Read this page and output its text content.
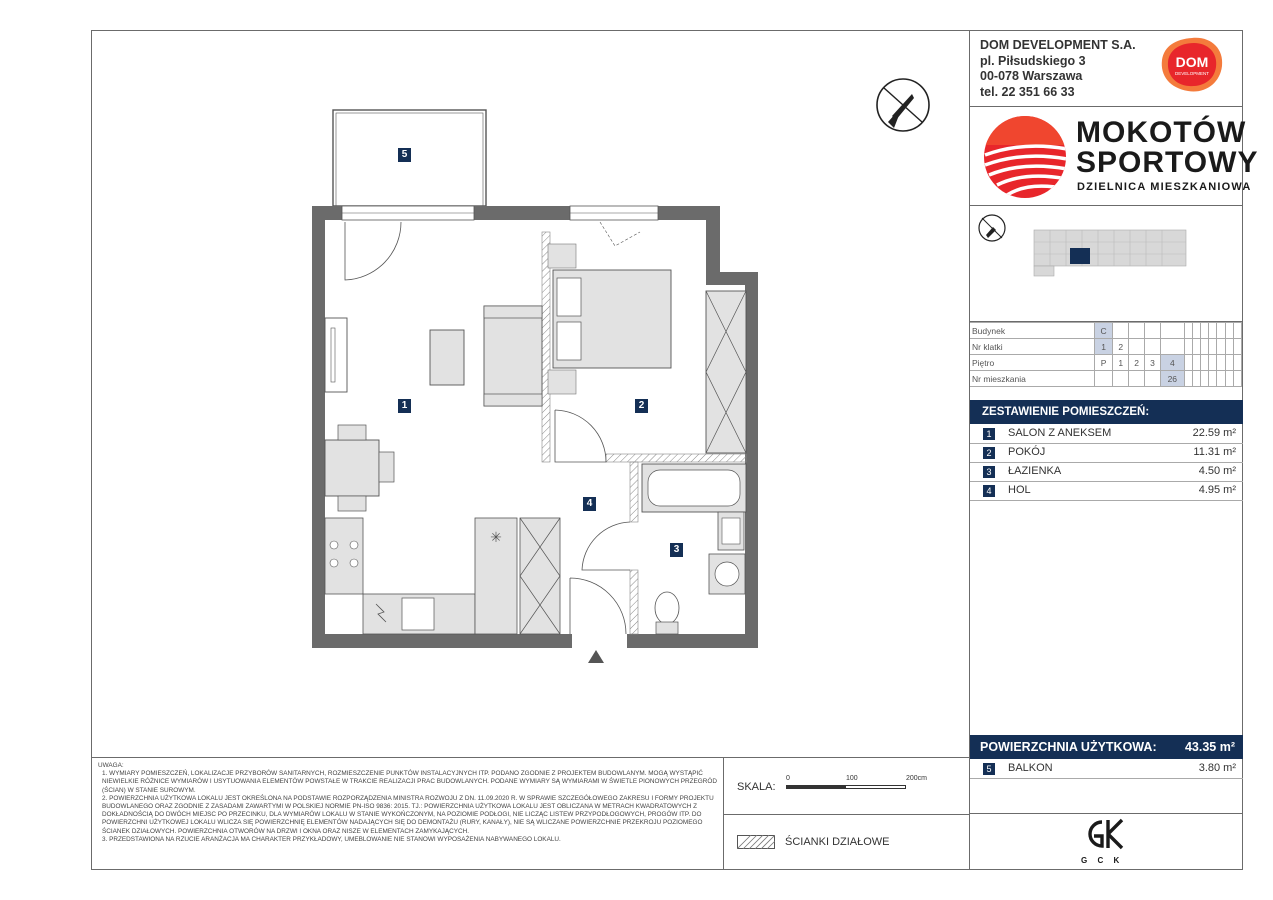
DOM DEVELOPMENT S.A.
pl. Piłsudskiego 3
00-078 Warszawa
tel. 22 351 66 33
DOM
DEVELOPMENT
MOKOTÓW
SPORTOWY
DZIELNICA MIESZKANIOWA
Budynek	C											
Nr klatki	1	2										
Piętro	P	1	2	3	4							
Nr mieszkania					26							
ZESTAWIENIE POMIESZCZEŃ:
1	SALON Z ANEKSEM	22.59 m²
2	POKÓJ	11.31 m²
3	ŁAZIENKA	4.50 m²
4	HOL	4.95 m²
POWIERZCHNIA UŻYTKOWA: 43.35 m²
5	BALKON	3.80 m²
G C K
SKALA:
0	100	200cm
ŚCIANKI DZIAŁOWE
UWAGA:
1. WYMIARY POMIESZCZEŃ, LOKALIZACJE PRZYBORÓW SANITARNYCH, ROZMIESZCZENIE PUNKTÓW INSTALACYJNYCH ITP. PODANO ZGODNIE Z PROJEKTEM BUDOWLANYM. MOGĄ WYSTĄPIĆ NIEWIELKIE RÓŻNICE WYMIARÓW I USYTUOWANIA ELEMENTÓW POWSTAŁE W TRAKCIE REALIZACJI PRAC BUDOWLANYCH. PODANE WYMIARY SĄ WYMIARAMI W ŚWIETLE PIONOWYCH PRZEGRÓD (ŚCIAN) W STANIE SUROWYM.
2. POWIERZCHNIA UŻYTKOWA LOKALU JEST OKREŚLONA NA PODSTAWIE ROZPORZĄDZENIA MINISTRA ROZWOJU Z DN. 11.09.2020 R. W SPRAWIE SZCZEGÓŁOWEGO ZAKRESU I FORMY PROJEKTU BUDOWLANEGO ORAZ ZGODNIE Z ZASADAMI ZAWARTYMI W POLSKIEJ NORMIE PN-ISO 9836: 2015. TJ.: POWIERZCHNIA UŻYTKOWA LOKALU JEST OBLICZANA W METRACH KWADRATOWYCH Z DOKŁADNOŚCIĄ DO DWÓCH MIEJSC PO PRZECINKU, DLA WYMIARÓW LOKALU W STANIE WYKOŃCZONYM, NA POZIOMIE PODŁOGI, NIE LICZĄC LISTEW PRZYPODŁOGOWYCH, PROGÓW ITP. DO POWIERZCHNI UŻYTKOWEJ LOKALU WLICZA SIĘ POWIERZCHNIĘ ELEMENTÓW NADAJĄCYCH SIĘ DO DEMONTAŻU (RURY, KANAŁY), NIE SĄ WLICZANE POWIERZCHNIE PRZEKROJU POZIOMEGO ŚCIANEK DZIAŁOWYCH. POWIERZCHNIA OTWORÓW NA DRZWI I OKNA ORAZ NISZE W ELEMENTACH ZAMYKAJĄCYCH.
3. PRZEDSTAWIONA NA RZUCIE ARANŻACJA MA CHARAKTER PRZYKŁADOWY, UMEBLOWANIE NIE STANOWI WYPOSAŻENIA NABYWANEGO LOKALU.
✳
5
1	2
3
4
